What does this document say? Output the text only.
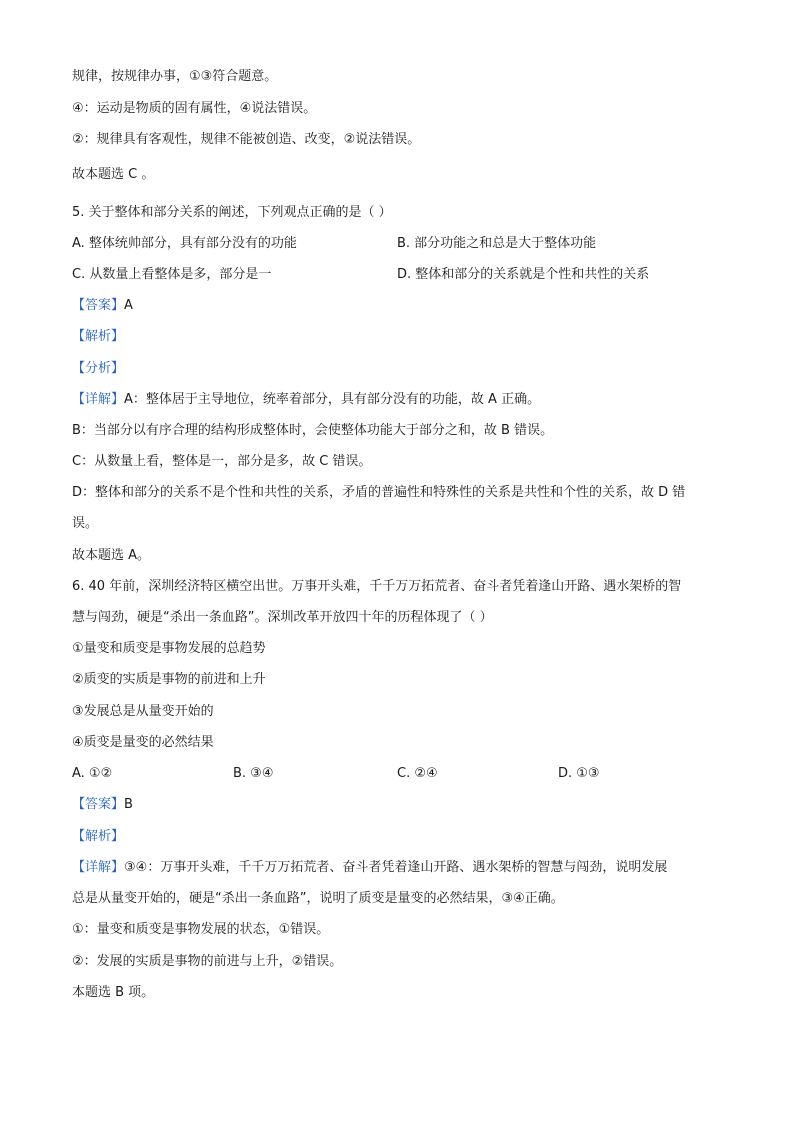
规律，按规律办事，①③符合题意。
④：运动是物质的固有属性，④说法错误。
②：规律具有客观性，规律不能被创造、改变，②说法错误。
故本题选 C 。
5. 关于整体和部分关系的阐述，下列观点正确的是（ ）
A. 整体统帅部分，具有部分没有的功能	B. 部分功能之和总是大于整体功能
C. 从数量上看整体是多，部分是一	D. 整体和部分的关系就是个性和共性的关系
【答案】A
【解析】
【分析】
【详解】A：整体居于主导地位，统率着部分，具有部分没有的功能，故 A 正确。
B：当部分以有序合理的结构形成整体时，会使整体功能大于部分之和，故 B 错误。
C：从数量上看，整体是一，部分是多，故 C 错误。
D：整体和部分的关系不是个性和共性的关系，矛盾的普遍性和特殊性的关系是共性和个性的关系，故 D 错
误。
故本题选 A。
6. 40 年前，深圳经济特区横空出世。万事开头难，千千万万拓荒者、奋斗者凭着逢山开路、遇水架桥的智
慧与闯劲，硬是“杀出一条血路”。深圳改革开放四十年的历程体现了（ ）
①量变和质变是事物发展的总趋势
②质变的实质是事物的前进和上升
③发展总是从量变开始的
④质变是量变的必然结果
A. ①②	B. ③④	C. ②④	D. ①③
【答案】B
【解析】
【详解】③④：万事开头难，千千万万拓荒者、奋斗者凭着逢山开路、遇水架桥的智慧与闯劲，说明发展
总是从量变开始的，硬是“杀出一条血路”，说明了质变是量变的必然结果，③④正确。
①：量变和质变是事物发展的状态，①错误。
②：发展的实质是事物的前进与上升，②错误。
本题选 B 项。
